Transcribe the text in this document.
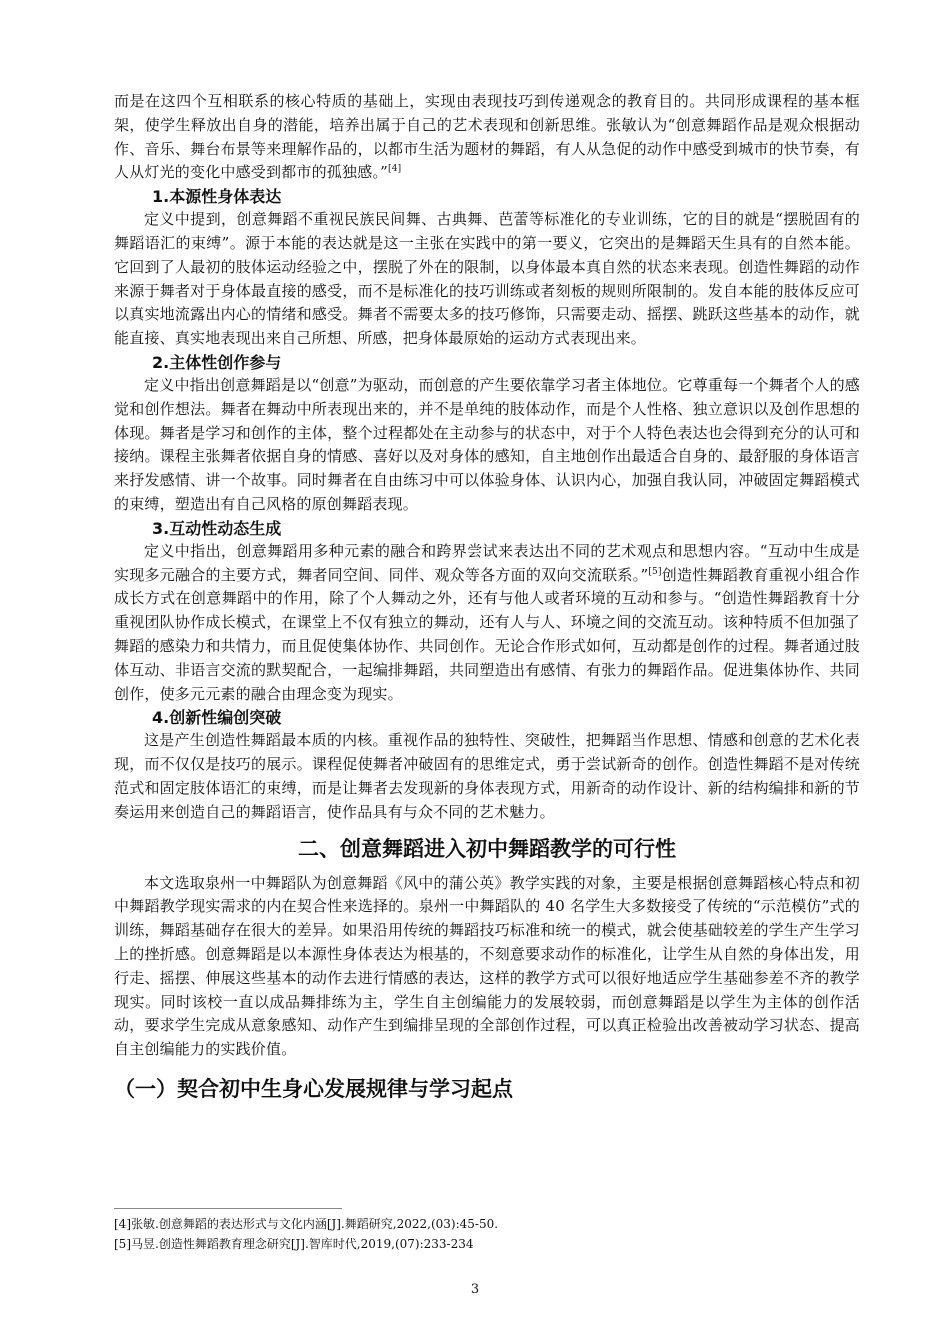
而是在这四个互相联系的核心特质的基础上，实现由表现技巧到传递观念的教育目的。共同形成课程的基本框架，使学生释放出自身的潜能，培养出属于自己的艺术表现和创新思维。张敏认为“创意舞蹈作品是观众根据动作、音乐、舞台布景等来理解作品的，以都市生活为题材的舞蹈，有人从急促的动作中感受到城市的快节奏，有人从灯光的变化中感受到都市的孤独感。”[4]

1.本源性身体表达

定义中提到，创意舞蹈不重视民族民间舞、古典舞、芭蕾等标准化的专业训练，它的目的就是“摆脱固有的舞蹈语汇的束缚”。源于本能的表达就是这一主张在实践中的第一要义，它突出的是舞蹈天生具有的自然本能。它回到了人最初的肢体运动经验之中，摆脱了外在的限制，以身体最本真自然的状态来表现。创造性舞蹈的动作来源于舞者对于身体最直接的感受，而不是标准化的技巧训练或者刻板的规则所限制的。发自本能的肢体反应可以真实地流露出内心的情绪和感受。舞者不需要太多的技巧修饰，只需要走动、摇摆、跳跃这些基本的动作，就能直接、真实地表现出来自己所想、所感，把身体最原始的运动方式表现出来。

2.主体性创作参与

定义中指出创意舞蹈是以“创意”为驱动，而创意的产生要依靠学习者主体地位。它尊重每一个舞者个人的感觉和创作想法。舞者在舞动中所表现出来的，并不是单纯的肢体动作，而是个人性格、独立意识以及创作思想的体现。舞者是学习和创作的主体，整个过程都处在主动参与的状态中，对于个人特色表达也会得到充分的认可和接纳。课程主张舞者依据自身的情感、喜好以及对身体的感知，自主地创作出最适合自身的、最舒服的身体语言来抒发感情、讲一个故事。同时舞者在自由练习中可以体验身体、认识内心，加强自我认同，冲破固定舞蹈模式的束缚，塑造出有自己风格的原创舞蹈表现。

3.互动性动态生成

定义中指出，创意舞蹈用多种元素的融合和跨界尝试来表达出不同的艺术观点和思想内容。“互动中生成是实现多元融合的主要方式，舞者同空间、同伴、观众等各方面的双向交流联系。”[5]创造性舞蹈教育重视小组合作成长方式在创意舞蹈中的作用，除了个人舞动之外，还有与他人或者环境的互动和参与。“创造性舞蹈教育十分重视团队协作成长模式，在课堂上不仅有独立的舞动，还有人与人、环境之间的交流互动。该种特质不但加强了舞蹈的感染力和共情力，而且促使集体协作、共同创作。无论合作形式如何，互动都是创作的过程。舞者通过肢体互动、非语言交流的默契配合，一起编排舞蹈，共同塑造出有感情、有张力的舞蹈作品。促进集体协作、共同创作，使多元元素的融合由理念变为现实。

4.创新性编创突破

这是产生创造性舞蹈最本质的内核。重视作品的独特性、突破性，把舞蹈当作思想、情感和创意的艺术化表现，而不仅仅是技巧的展示。课程促使舞者冲破固有的思维定式，勇于尝试新奇的创作。创造性舞蹈不是对传统范式和固定肢体语汇的束缚，而是让舞者去发现新的身体表现方式，用新奇的动作设计、新的结构编排和新的节奏运用来创造自己的舞蹈语言，使作品具有与众不同的艺术魅力。

二、创意舞蹈进入初中舞蹈教学的可行性

本文选取泉州一中舞蹈队为创意舞蹈《风中的蒲公英》教学实践的对象，主要是根据创意舞蹈核心特点和初中舞蹈教学现实需求的内在契合性来选择的。泉州一中舞蹈队的 40 名学生大多数接受了传统的“示范模仿”式的训练，舞蹈基础存在很大的差异。如果沿用传统的舞蹈技巧标准和统一的模式，就会使基础较差的学生产生学习上的挫折感。创意舞蹈是以本源性身体表达为根基的，不刻意要求动作的标准化，让学生从自然的身体出发，用行走、摇摆、伸展这些基本的动作去进行情感的表达，这样的教学方式可以很好地适应学生基础参差不齐的教学现实。同时该校一直以成品舞排练为主，学生自主创编能力的发展较弱，而创意舞蹈是以学生为主体的创作活动，要求学生完成从意象感知、动作产生到编排呈现的全部创作过程，可以真正检验出改善被动学习状态、提高自主创编能力的实践价值。

（一）契合初中生身心发展规律与学习起点

[4]张敏.创意舞蹈的表达形式与文化内涵[J].舞蹈研究,2022,(03):45-50.

[5]马昱.创造性舞蹈教育理念研究[J].智库时代,2019,(07):233-234

3
